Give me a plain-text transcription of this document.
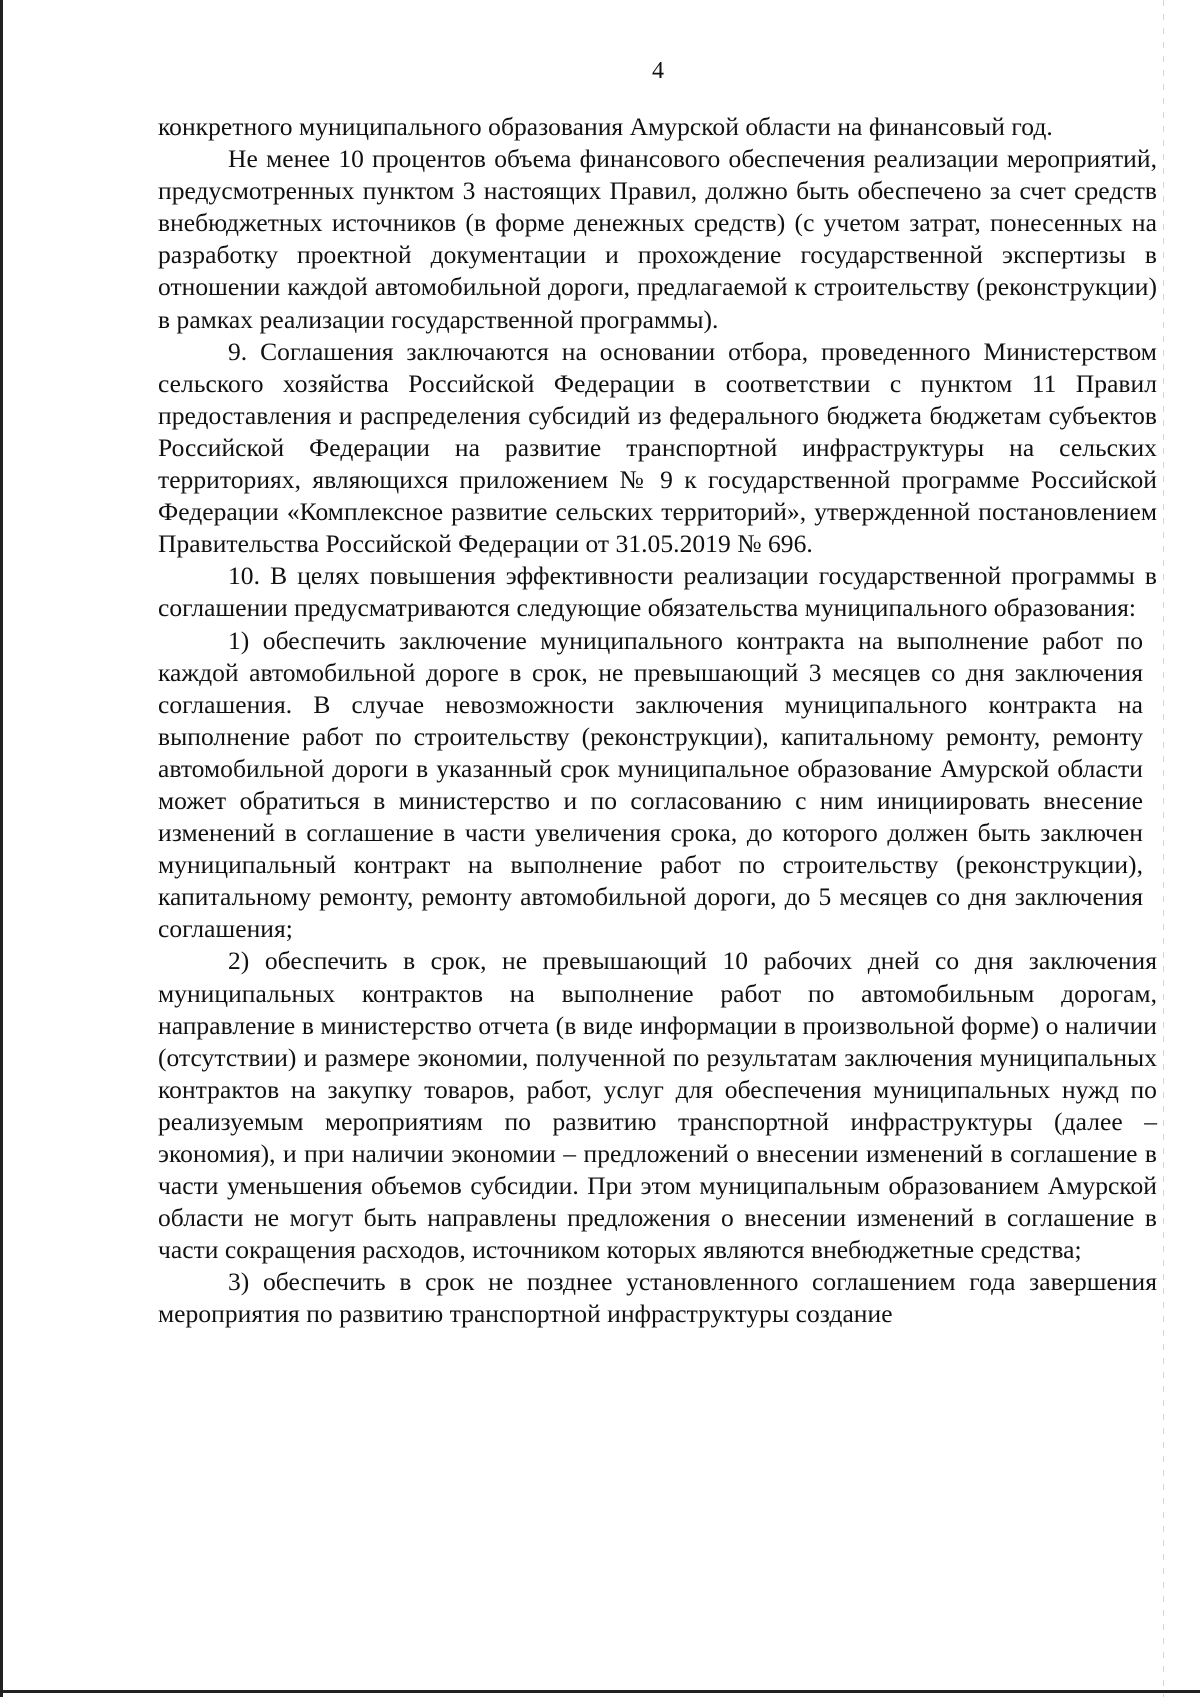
4

конкретного муниципального образования Амурской области на финансовый год.

Не менее 10 процентов объема финансового обеспечения реализации мероприятий, предусмотренных пунктом 3 настоящих Правил, должно быть обеспечено за счет средств внебюджетных источников (в форме денежных средств) (с учетом затрат, понесенных на разработку проектной документации и прохождение государственной экспертизы в отношении каждой автомобильной дороги, предлагаемой к строительству (реконструкции) в рамках реализации государственной программы).

9. Соглашения заключаются на основании отбора, проведенного Министерством сельского хозяйства Российской Федерации в соответствии с пунктом 11 Правил предоставления и распределения субсидий из федерального бюджета бюджетам субъектов Российской Федерации на развитие транспортной инфраструктуры на сельских территориях, являющихся приложением № 9 к государственной программе Российской Федерации «Комплексное развитие сельских территорий», утвержденной постановлением Правительства Российской Федерации от 31.05.2019 № 696.

10. В целях повышения эффективности реализации государственной программы в соглашении предусматриваются следующие обязательства муниципального образования:

1) обеспечить заключение муниципального контракта на выполнение работ по каждой автомобильной дороге в срок, не превышающий 3 месяцев со дня заключения соглашения. В случае невозможности заключения муниципального контракта на выполнение работ по строительству (реконструкции), капитальному ремонту, ремонту автомобильной дороги в указанный срок муниципальное образование Амурской области может обратиться в министерство и по согласованию с ним инициировать внесение изменений в соглашение в части увеличения срока, до которого должен быть заключен муниципальный контракт на выполнение работ по строительству (реконструкции), капитальному ремонту, ремонту автомобильной дороги, до 5 месяцев со дня заключения соглашения;

2) обеспечить в срок, не превышающий 10 рабочих дней со дня заключения муниципальных контрактов на выполнение работ по автомобильным дорогам, направление в министерство отчета (в виде информации в произвольной форме) о наличии (отсутствии) и размере экономии, полученной по результатам заключения муниципальных контрактов на закупку товаров, работ, услуг для обеспечения муниципальных нужд по реализуемым мероприятиям по развитию транспортной инфраструктуры (далее – экономия), и при наличии экономии – предложений о внесении изменений в соглашение в части уменьшения объемов субсидии. При этом муниципальным образованием Амурской области не могут быть направлены предложения о внесении изменений в соглашение в части сокращения расходов, источником которых являются внебюджетные средства;

3) обеспечить в срок не позднее установленного соглашением года завершения мероприятия по развитию транспортной инфраструктуры создание
